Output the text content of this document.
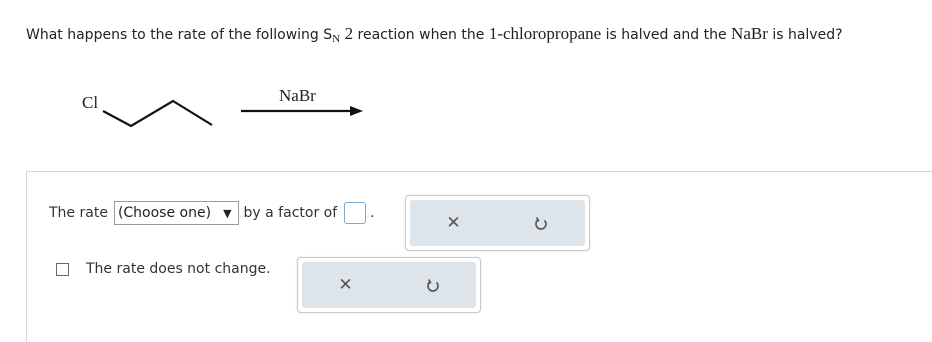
What happens to the rate of the following $S_N$ 2 reaction when the 1-chloropropane is halved and the NaBr is halved?
Cl	NaBr
The rate (Choose one) ▼ by a factor of .	✕
The rate does not change.
✕
